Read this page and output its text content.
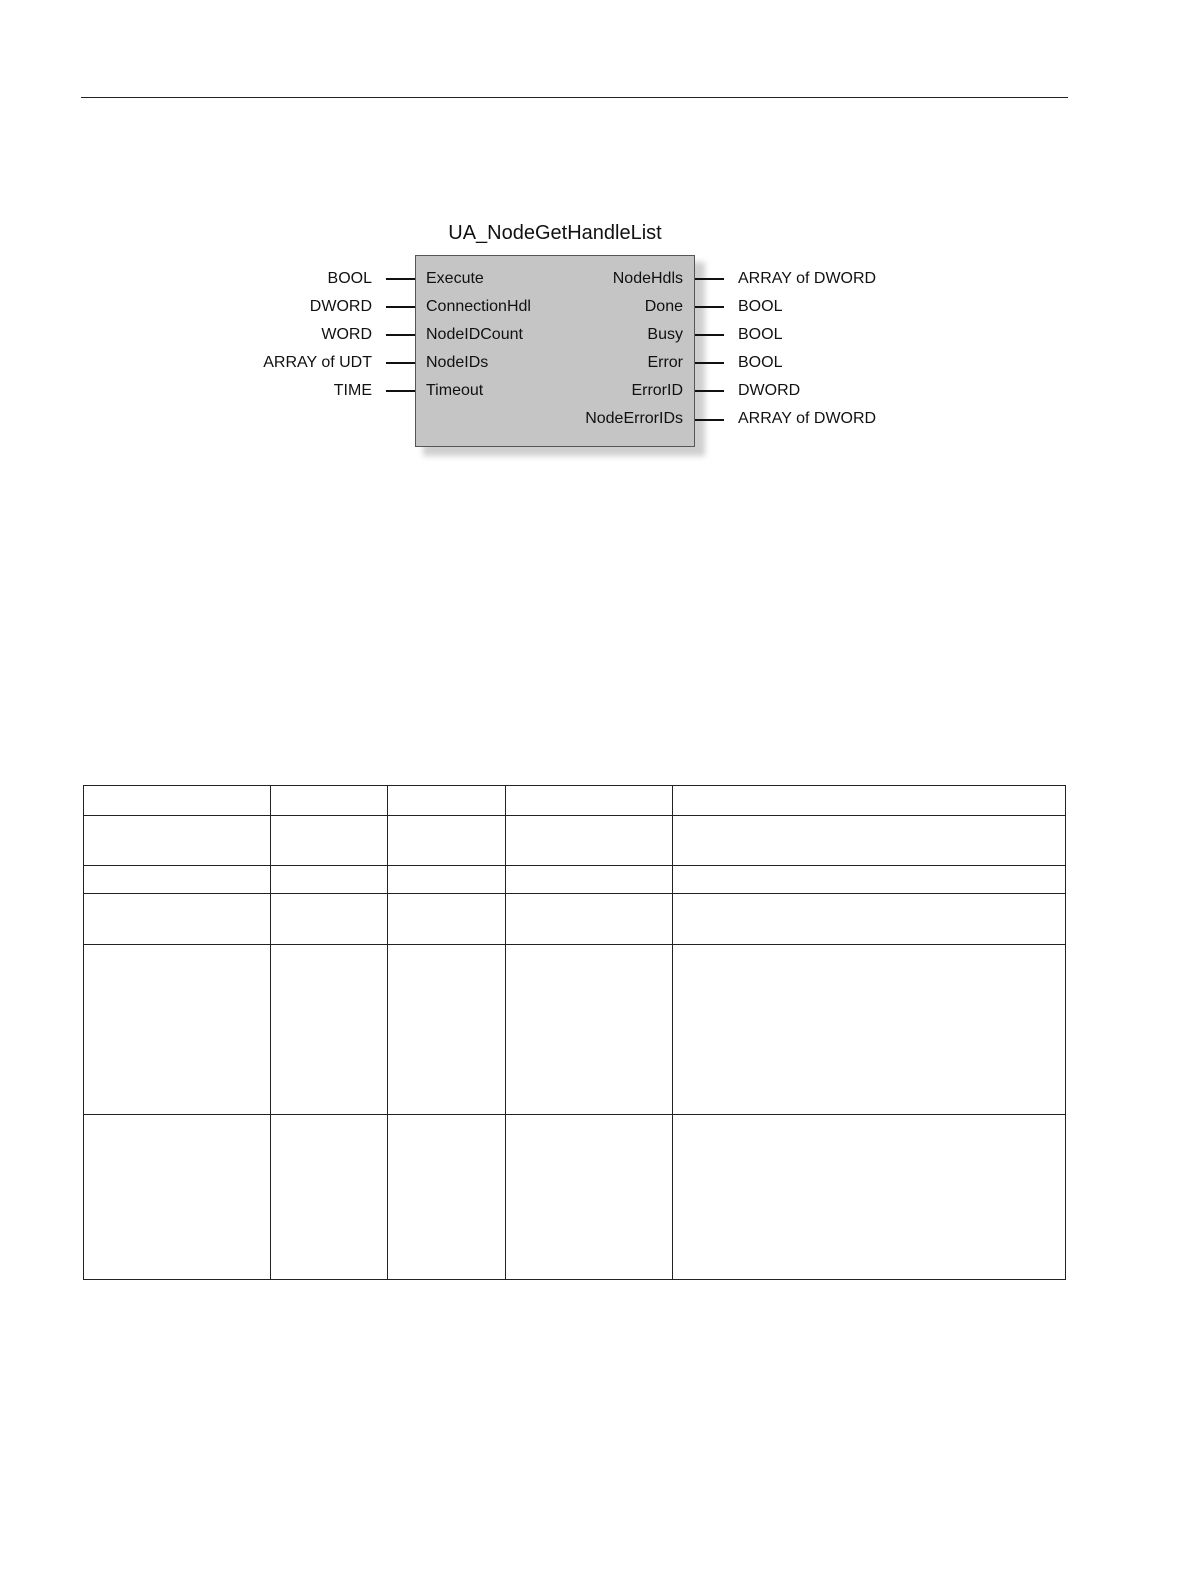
UA_NodeGetHandleList
BOOL	Execute
DWORD	ConnectionHdl
WORD	NodeIDCount
ARRAY of UDT	NodeIDs
TIME	Timeout
NodeHdls	ARRAY of DWORD
Done	BOOL
Busy	BOOL
Error	BOOL
ErrorID	DWORD
NodeErrorIDs	ARRAY of DWORD
